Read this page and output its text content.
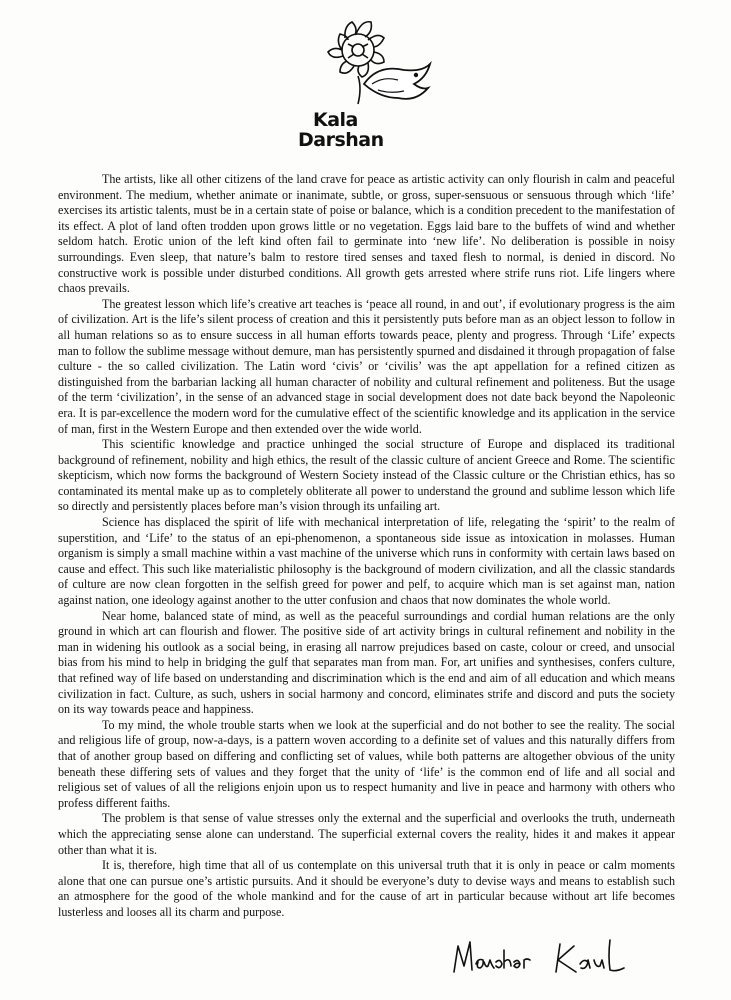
Kala
Darshan

The artists, like all other citizens of the land crave for peace as artistic activity can only flourish in calm and peaceful environment. The medium, whether animate or inanimate, subtle, or gross, super-sensuous or sensuous through which ‘life’ exercises its artistic talents, must be in a certain state of poise or balance, which is a condition precedent to the manifestation of its effect. A plot of land often trodden upon grows little or no vegetation. Eggs laid bare to the buffets of wind and whether seldom hatch. Erotic union of the left kind often fail to germinate into ‘new life’. No deliberation is possible in noisy surroundings. Even sleep, that nature’s balm to restore tired senses and taxed flesh to normal, is denied in discord. No constructive work is possible under disturbed conditions. All growth gets arrested where strife runs riot. Life lingers where chaos prevails.

The greatest lesson which life’s creative art teaches is ‘peace all round, in and out’, if evolutionary progress is the aim of civilization. Art is the life’s silent process of creation and this it persistently puts before man as an object lesson to follow in all human relations so as to ensure success in all human efforts towards peace, plenty and progress. Through ‘Life’ expects man to follow the sublime message without demure, man has persistently spurned and disdained it through propagation of false culture - the so called civilization. The Latin word ‘civis’ or ‘civilis’ was the apt appellation for a refined citizen as distinguished from the barbarian lacking all human character of nobility and cultural refinement and politeness. But the usage of the term ‘civilization’, in the sense of an advanced stage in social development does not date back beyond the Napoleonic era. It is par-excellence the modern word for the cumulative effect of the scientific knowledge and its application in the service of man, first in the Western Europe and then extended over the wide world.

This scientific knowledge and practice unhinged the social structure of Europe and displaced its traditional background of refinement, nobility and high ethics, the result of the classic culture of ancient Greece and Rome. The scientific skepticism, which now forms the background of Western Society instead of the Classic culture or the Christian ethics, has so contaminated its mental make up as to completely obliterate all power to understand the ground and sublime lesson which life so directly and persistently places before man’s vision through its unfailing art.

Science has displaced the spirit of life with mechanical interpretation of life, relegating the ‘spirit’ to the realm of superstition, and ‘Life’ to the status of an epi-phenomenon, a spontaneous side issue as intoxication in molasses. Human organism is simply a small machine within a vast machine of the universe which runs in conformity with certain laws based on cause and effect. This such like materialistic philosophy is the background of modern civilization, and all the classic standards of culture are now clean forgotten in the selfish greed for power and pelf, to acquire which man is set against man, nation against nation, one ideology against another to the utter confusion and chaos that now dominates the whole world.

Near home, balanced state of mind, as well as the peaceful surroundings and cordial human relations are the only ground in which art can flourish and flower. The positive side of art activity brings in cultural refinement and nobility in the man in widening his outlook as a social being, in erasing all narrow prejudices based on caste, colour or creed, and unsocial bias from his mind to help in bridging the gulf that separates man from man. For, art unifies and synthesises, confers culture, that refined way of life based on understanding and discrimination which is the end and aim of all education and which means civilization in fact. Culture, as such, ushers in social harmony and concord, eliminates strife and discord and puts the society on its way towards peace and happiness.

To my mind, the whole trouble starts when we look at the superficial and do not bother to see the reality. The social and religious life of group, now-a-days, is a pattern woven according to a definite set of values and this naturally differs from that of another group based on differing and conflicting set of values, while both patterns are altogether obvious of the unity beneath these differing sets of values and they forget that the unity of ‘life’ is the common end of life and all social and religious set of values of all the religions enjoin upon us to respect humanity and live in peace and harmony with others who profess different faiths.

The problem is that sense of value stresses only the external and the superficial and overlooks the truth, underneath which the appreciating sense alone can understand. The superficial external covers the reality, hides it and makes it appear other than what it is.

It is, therefore, high time that all of us contemplate on this universal truth that it is only in peace or calm moments alone that one can pursue one’s artistic pursuits. And it should be everyone’s duty to devise ways and means to establish such an atmosphere for the good of the whole mankind and for the cause of art in particular because without art life becomes lusterless and looses all its charm and purpose.
